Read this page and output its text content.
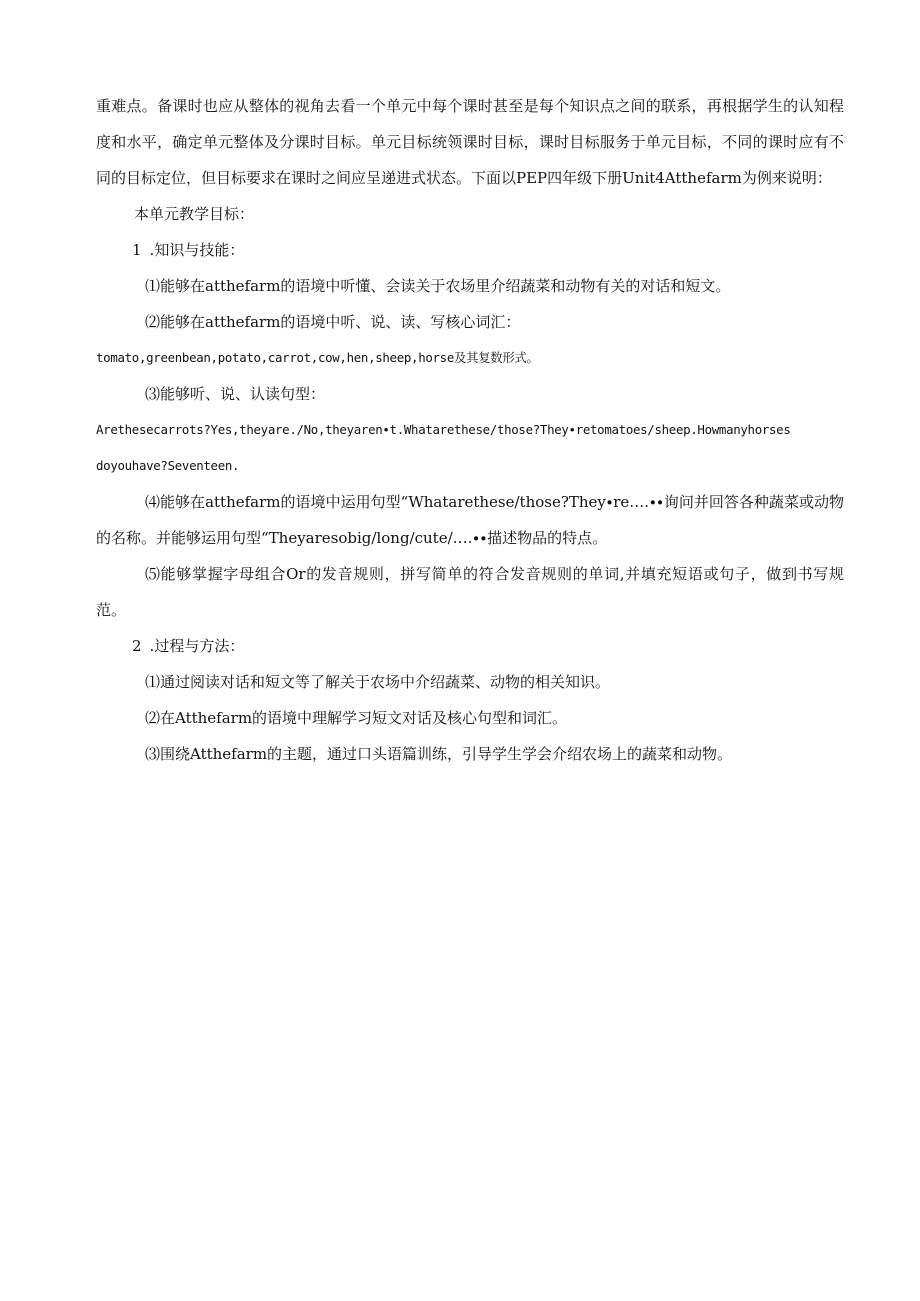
重难点。备课时也应从整体的视角去看一个单元中每个课时甚至是每个知识点之间的联系，再根据学生的认知程度和水平，确定单元整体及分课时目标。单元目标统领课时目标，课时目标服务于单元目标，不同的课时应有不同的目标定位，但目标要求在课时之间应呈递进式状态。下面以PEP四年级下册Unit4Atthefarm为例来说明：

本单元教学目标：

1 .知识与技能：

⑴能够在atthefarm的语境中听懂、会读关于农场里介绍蔬菜和动物有关的对话和短文。

⑵能够在atthefarm的语境中听、说、读、写核心词汇：

tomato,greenbean,potato,carrot,cow,hen,sheep,horse及其复数形式。

⑶能够听、说、认读句型：

Arethesecarrots?Yes,theyare./No,theyaren∙t.Whatarethese/those?They∙retomatoes/sheep.Howmanyhorses

doyouhave?Seventeen.

⑷能够在atthefarm的语境中运用句型“Whatarethese/those?They∙re….∙∙询问并回答各种蔬菜或动物的名称。并能够运用句型“Theyaresobig/long/cute/….∙∙描述物品的特点。

⑸能够掌握字母组合Or的发音规则，拼写简单的符合发音规则的单词,并填充短语或句子，做到书写规范。

2 .过程与方法：

⑴通过阅读对话和短文等了解关于农场中介绍蔬菜、动物的相关知识。

⑵在Atthefarm的语境中理解学习短文对话及核心句型和词汇。

⑶围绕Atthefarm的主题，通过口头语篇训练，引导学生学会介绍农场上的蔬菜和动物。
